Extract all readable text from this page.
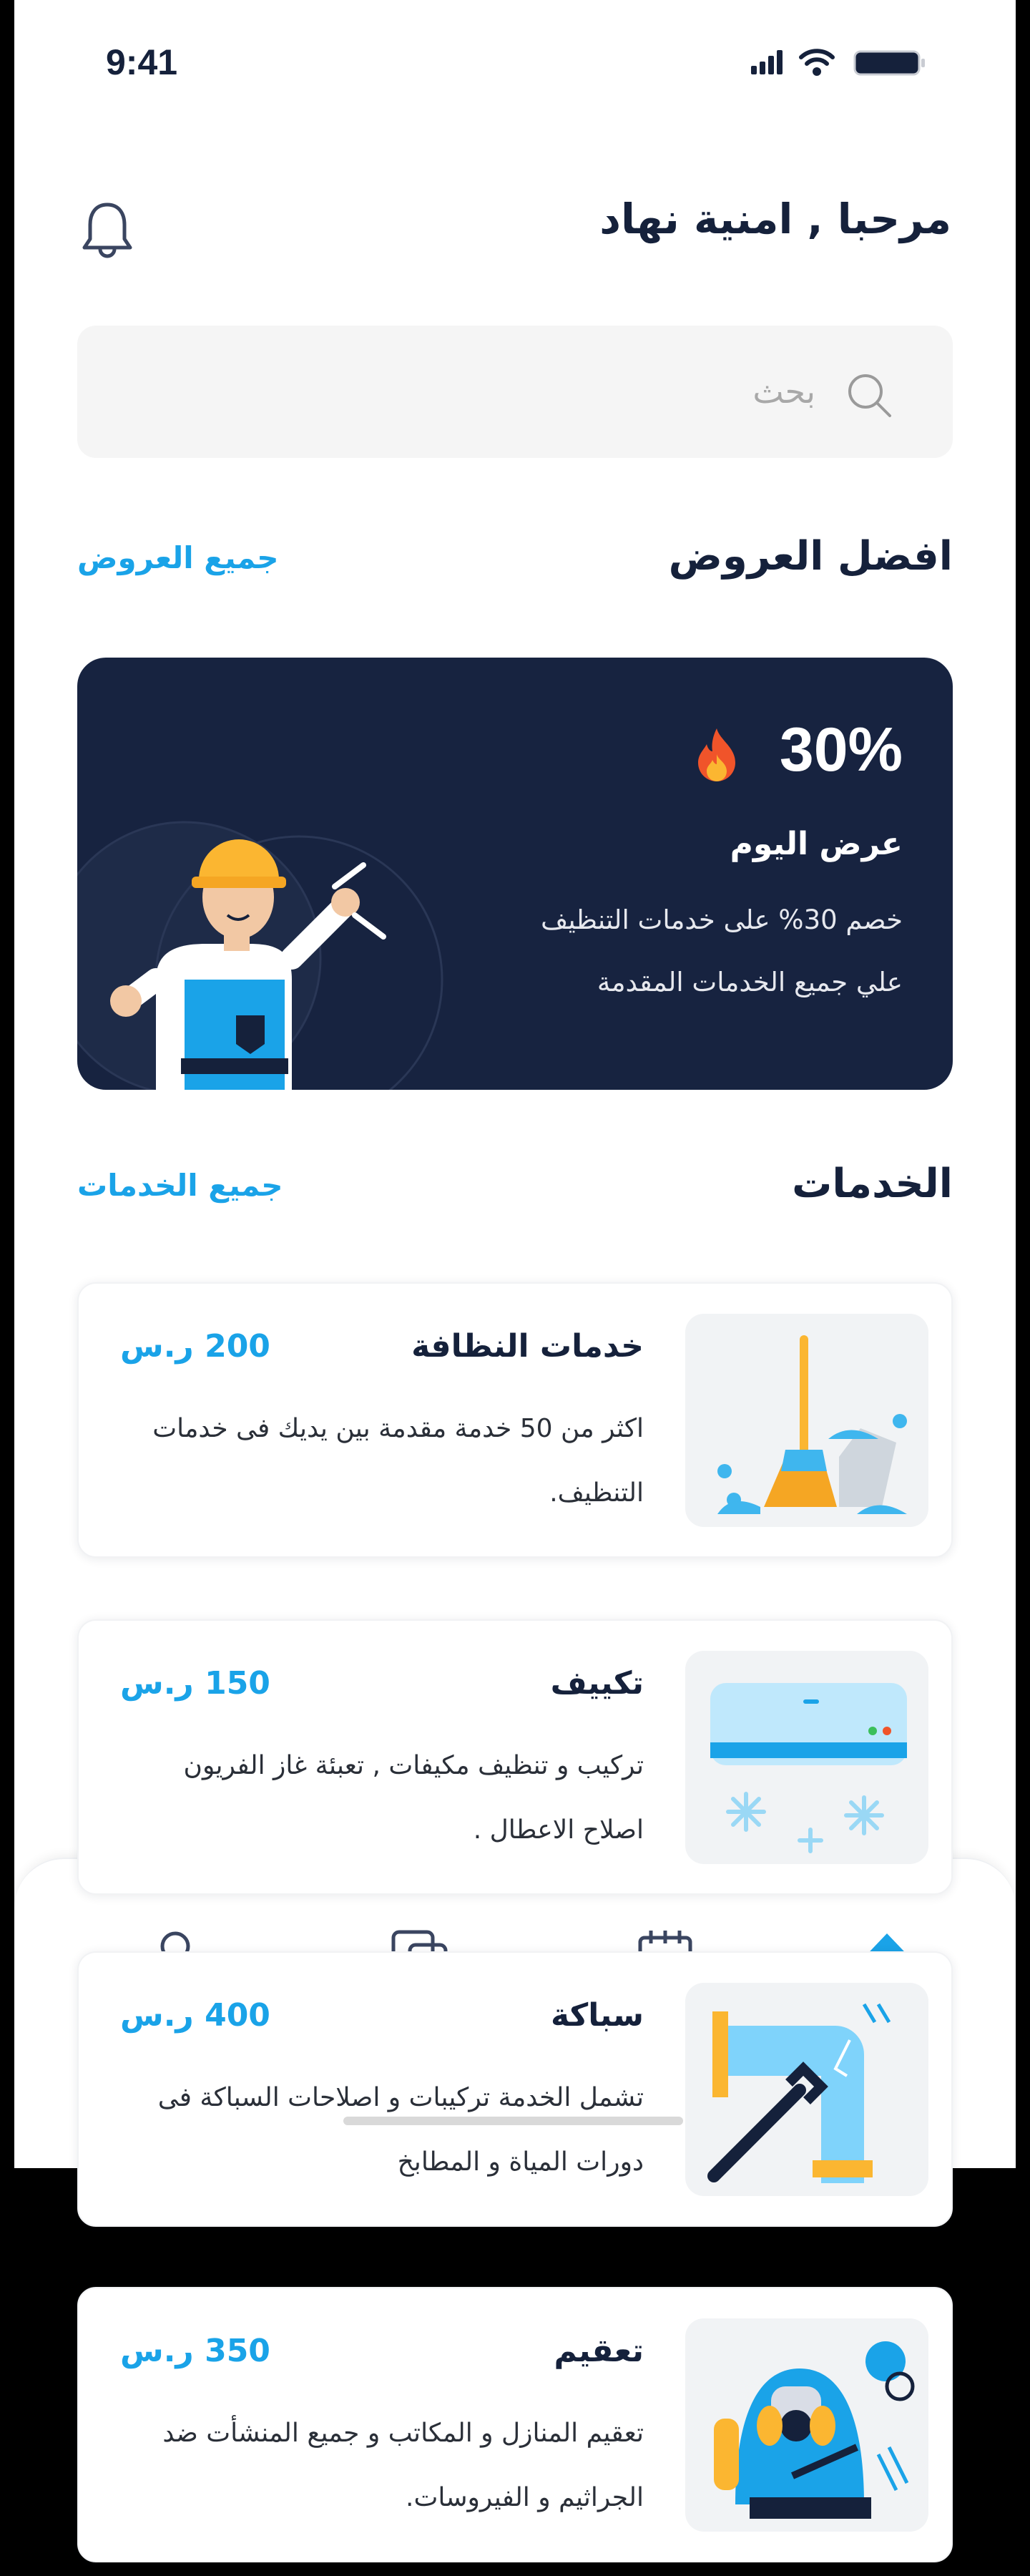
9:41
مرحبا , امنية نهاد
بحث
افضل العروض
جميع العروض
30%
عرض اليوم
خصم 30% على خدمات التنظيف
علي جميع الخدمات المقدمة
الخدمات
جميع الخدمات
خدمات النظافة
200 ر.س
اكثر من 50 خدمة مقدمة بين يديك فى خدمات التنظيف.
تكييف
150 ر.س
تركيب و تنظيف مكيفات , تعبئة غاز الفريون اصلاح الاعطال .
سباكة
400 ر.س
تشمل الخدمة تركيبات و اصلاحات السباكة فى دورات المياة و المطابخ
تعقيم
350 ر.س
تعقيم المنازل و المكاتب و جميع المنشأت ضد الجراثيم و الفيروسات.
